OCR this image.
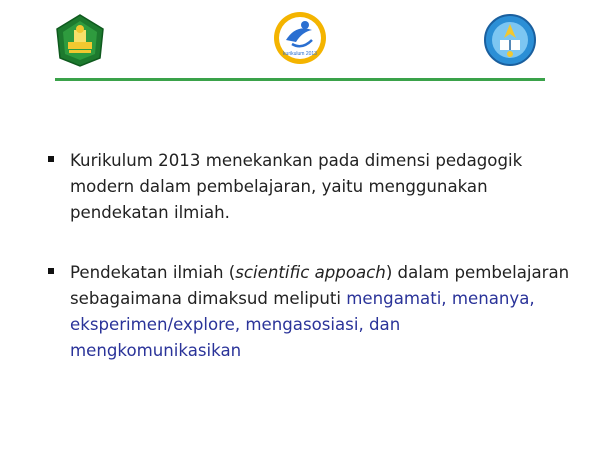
kurikulum 2013
Kurikulum 2013 menekankan pada dimensi pedagogik modern dalam pembelajaran, yaitu menggunakan pendekatan ilmiah.
Pendekatan ilmiah (scientific appoach) dalam pembelajaran sebagaimana dimaksud meliputi mengamati, menanya, eksperimen/explore, mengasosiasi, dan mengkomunikasikan
